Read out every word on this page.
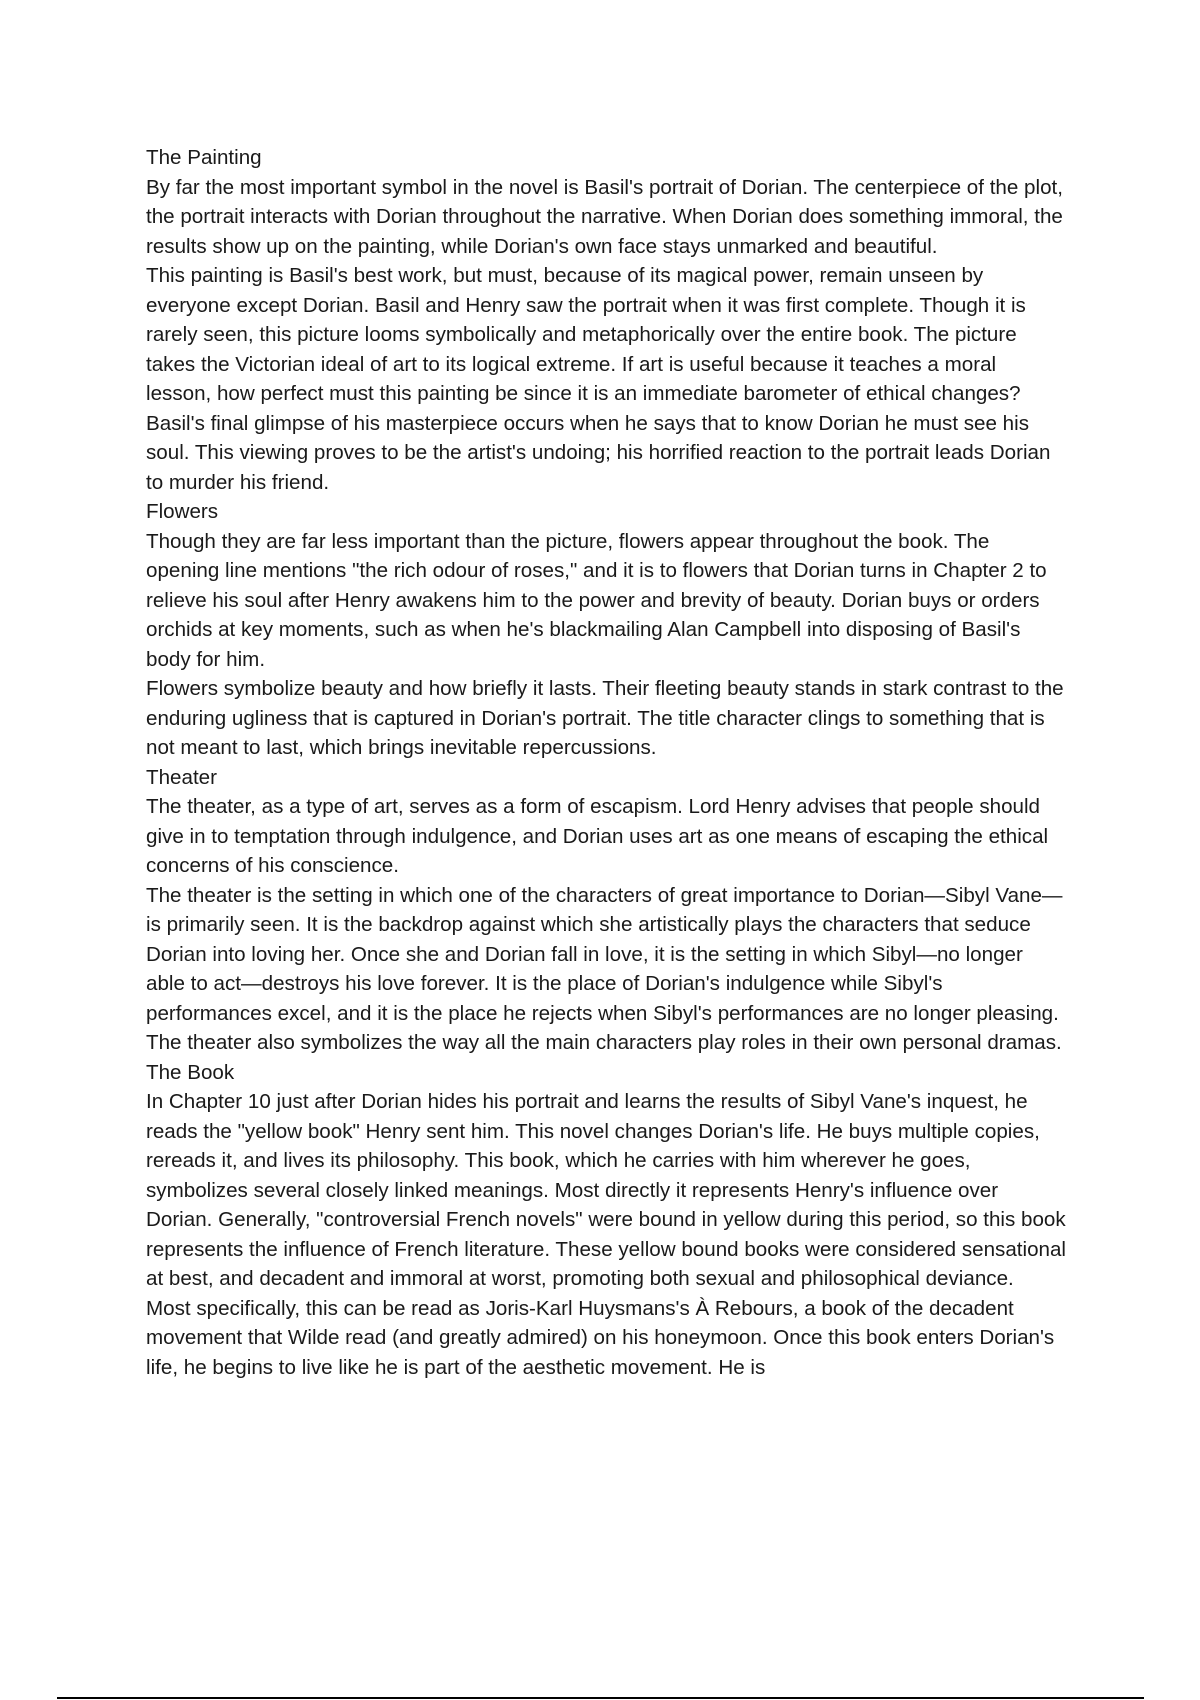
The Painting

By far the most important symbol in the novel is Basil's portrait of Dorian. The centerpiece of the plot, the portrait interacts with Dorian throughout the narrative. When Dorian does something immoral, the results show up on the painting, while Dorian's own face stays unmarked and beautiful.

This painting is Basil's best work, but must, because of its magical power, remain unseen by everyone except Dorian. Basil and Henry saw the portrait when it was first complete. Though it is rarely seen, this picture looms symbolically and metaphorically over the entire book. The picture takes the Victorian ideal of art to its logical extreme. If art is useful because it teaches a moral lesson, how perfect must this painting be since it is an immediate barometer of ethical changes?

Basil's final glimpse of his masterpiece occurs when he says that to know Dorian he must see his soul. This viewing proves to be the artist's undoing; his horrified reaction to the portrait leads Dorian to murder his friend.

Flowers

Though they are far less important than the picture, flowers appear throughout the book. The opening line mentions "the rich odour of roses," and it is to flowers that Dorian turns in Chapter 2 to relieve his soul after Henry awakens him to the power and brevity of beauty. Dorian buys or orders orchids at key moments, such as when he's blackmailing Alan Campbell into disposing of Basil's body for him.

Flowers symbolize beauty and how briefly it lasts. Their fleeting beauty stands in stark contrast to the enduring ugliness that is captured in Dorian's portrait. The title character clings to something that is not meant to last, which brings inevitable repercussions.

Theater

The theater, as a type of art, serves as a form of escapism. Lord Henry advises that people should give in to temptation through indulgence, and Dorian uses art as one means of escaping the ethical concerns of his conscience.

The theater is the setting in which one of the characters of great importance to Dorian—Sibyl Vane—is primarily seen. It is the backdrop against which she artistically plays the characters that seduce Dorian into loving her. Once she and Dorian fall in love, it is the setting in which Sibyl—no longer able to act—destroys his love forever. It is the place of Dorian's indulgence while Sibyl's performances excel, and it is the place he rejects when Sibyl's performances are no longer pleasing.

The theater also symbolizes the way all the main characters play roles in their own personal dramas.

The Book

In Chapter 10 just after Dorian hides his portrait and learns the results of Sibyl Vane's inquest, he reads the "yellow book" Henry sent him. This novel changes Dorian's life. He buys multiple copies, rereads it, and lives its philosophy. This book, which he carries with him wherever he goes, symbolizes several closely linked meanings. Most directly it represents Henry's influence over Dorian. Generally, "controversial French novels" were bound in yellow during this period, so this book represents the influence of French literature. These yellow bound books were considered sensational at best, and decadent and immoral at worst, promoting both sexual and philosophical deviance.

Most specifically, this can be read as Joris-Karl Huysmans's À Rebours, a book of the decadent movement that Wilde read (and greatly admired) on his honeymoon. Once this book enters Dorian's life, he begins to live like he is part of the aesthetic movement. He is
